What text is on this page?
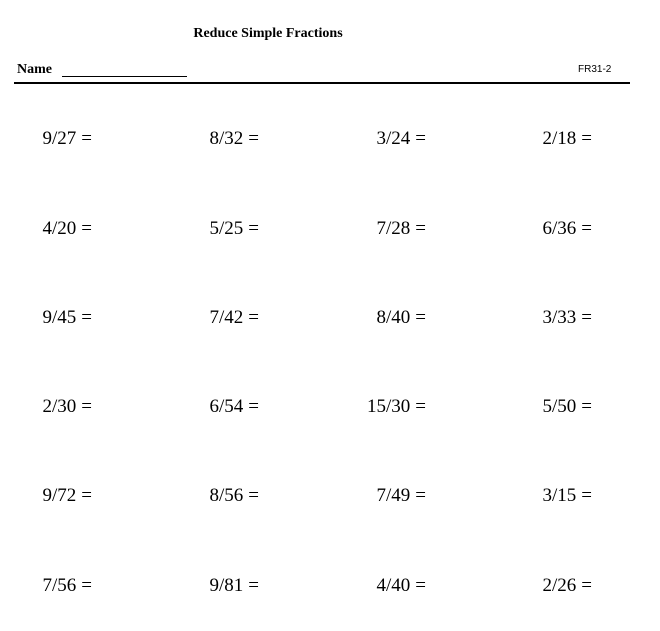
Reduce Simple Fractions
Name	FR31-2
9/27 =	8/32 =	3/24 =	2/18 =
4/20 =	5/25 =	7/28 =	6/36 =
9/45 =	7/42 =	8/40 =	3/33 =
2/30 =	6/54 =	15/30 =	5/50 =
9/72 =	8/56 =	7/49 =	3/15 =
7/56 =	9/81 =	4/40 =	2/26 =
